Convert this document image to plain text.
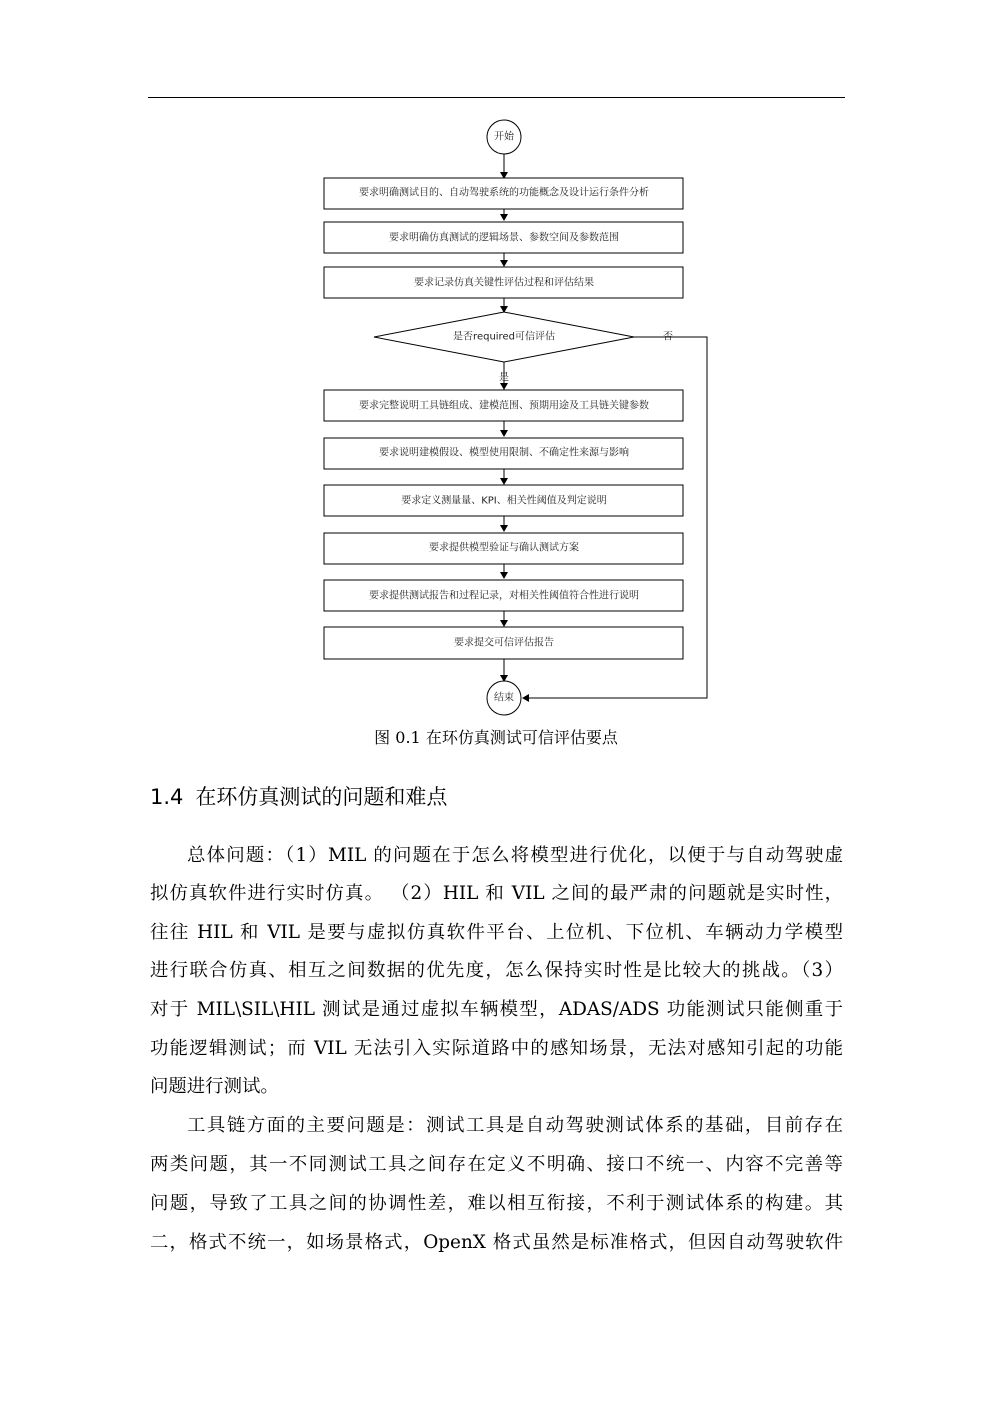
开始
要求明确测试目的、自动驾驶系统的功能概念及设计运行条件分析
要求明确仿真测试的逻辑场景、参数空间及参数范围
要求记录仿真关键性评估过程和评估结果
是否required可信评估
要求完整说明工具链组成、建模范围、预期用途及工具链关键参数
要求说明建模假设、模型使用限制、不确定性来源与影响
要求定义测量量、KPI、相关性阈值及判定说明
要求提供模型验证与确认测试方案
要求提供测试报告和过程记录，对相关性阈值符合性进行说明
要求提交可信评估报告
结束
是
否
图 0.1 在环仿真测试可信评估要点
1.4 在环仿真测试的问题和难点
总体问题：（1）MIL 的问题在于怎么将模型进行优化，以便于与自动驾驶虚
拟仿真软件进行实时仿真。 （2）HIL 和 VIL 之间的最严肃的问题就是实时性，
往往 HIL 和 VIL 是要与虚拟仿真软件平台、上位机、下位机、车辆动力学模型
进行联合仿真、相互之间数据的优先度，怎么保持实时性是比较大的挑战。（3）
对于 MIL\SIL\HIL 测试是通过虚拟车辆模型，ADAS/ADS 功能测试只能侧重于
功能逻辑测试；而 VIL 无法引入实际道路中的感知场景，无法对感知引起的功能
问题进行测试。
工具链方面的主要问题是：测试工具是自动驾驶测试体系的基础，目前存在
两类问题，其一不同测试工具之间存在定义不明确、接口不统一、内容不完善等
问题，导致了工具之间的协调性差，难以相互衔接，不利于测试体系的构建。其
二，格式不统一，如场景格式，OpenX 格式虽然是标准格式，但因自动驾驶软件
